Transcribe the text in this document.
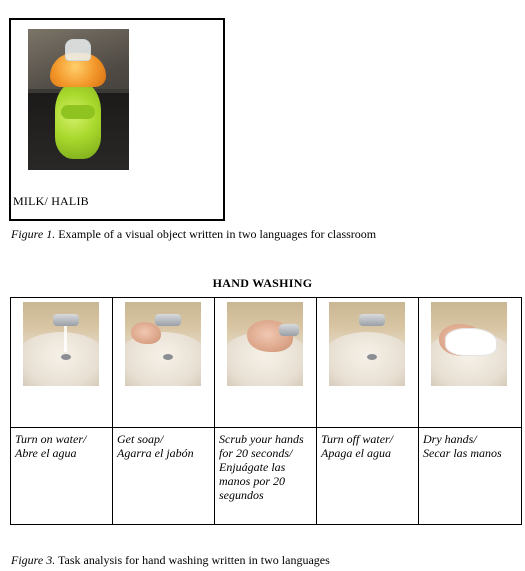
MILK/ HALIB
Figure 1. Example of a visual object written in two languages for classroom
HAND WASHING
Turn on water/
Abre el agua
Get soap/
Agarra el jabón
Scrub your hands
for 20 seconds/
Enjuágate las
manos por 20
segundos
Turn off water/
Apaga el agua
Dry hands/
Secar las manos
Figure 3. Task analysis for hand washing written in two languages
